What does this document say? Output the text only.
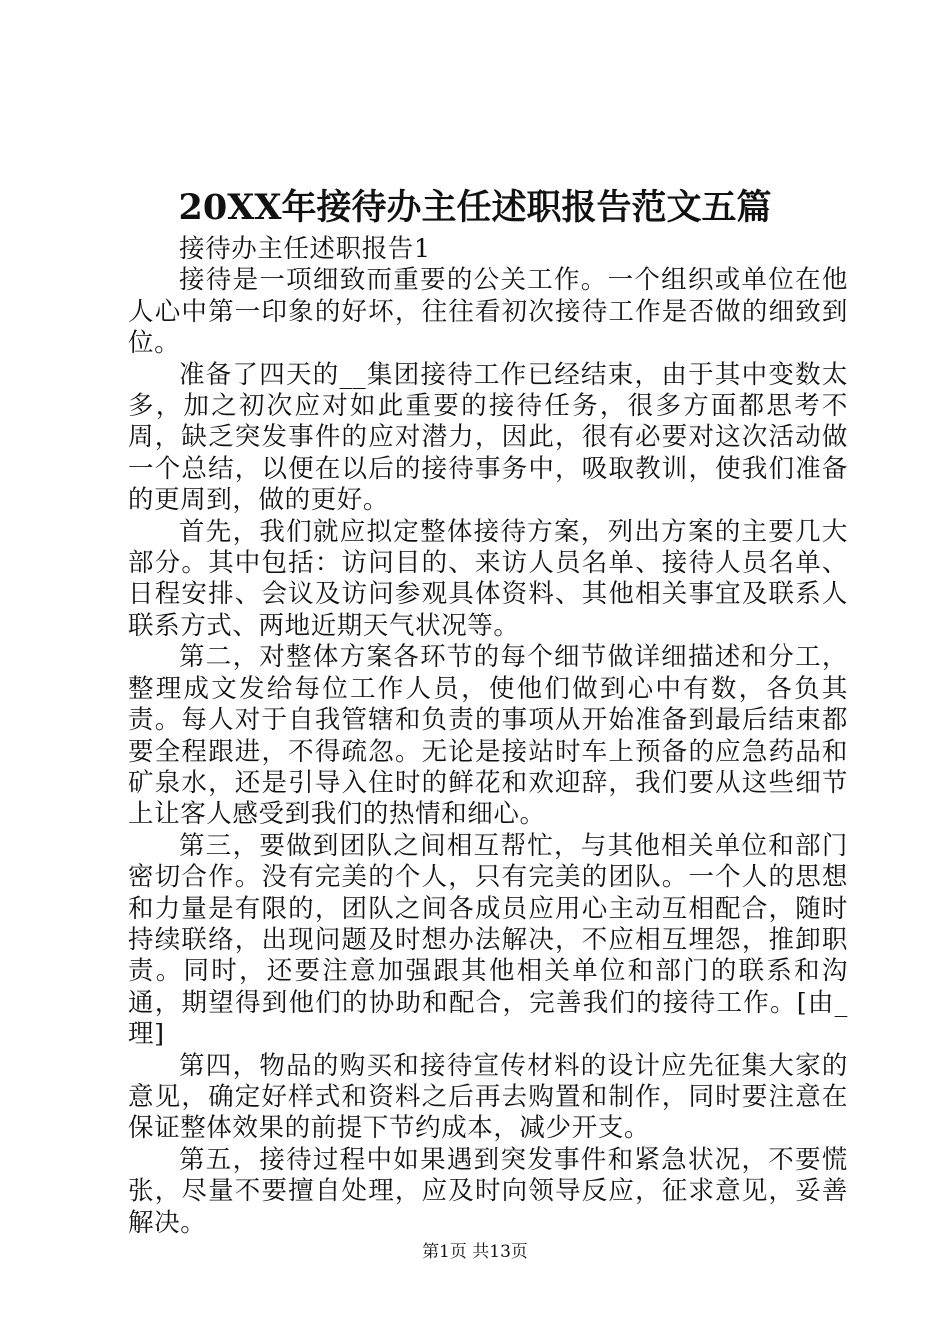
20XX年接待办主任述职报告范文五篇

接待办主任述职报告1

接待是一项细致而重要的公关工作。一个组织或单位在他人心中第一印象的好坏，往往看初次接待工作是否做的细致到位。

准备了四天的__集团接待工作已经结束，由于其中变数太多，加之初次应对如此重要的接待任务，很多方面都思考不周，缺乏突发事件的应对潜力，因此，很有必要对这次活动做一个总结，以便在以后的接待事务中，吸取教训，使我们准备的更周到，做的更好。

首先，我们就应拟定整体接待方案，列出方案的主要几大部分。其中包括：访问目的、来访人员名单、接待人员名单、日程安排、会议及访问参观具体资料、其他相关事宜及联系人联系方式、两地近期天气状况等。

第二，对整体方案各环节的每个细节做详细描述和分工，整理成文发给每位工作人员，使他们做到心中有数，各负其责。每人对于自我管辖和负责的事项从开始准备到最后结束都要全程跟进，不得疏忽。无论是接站时车上预备的应急药品和矿泉水，还是引导入住时的鲜花和欢迎辞，我们要从这些细节上让客人感受到我们的热情和细心。

第三，要做到团队之间相互帮忙，与其他相关单位和部门密切合作。没有完美的个人，只有完美的团队。一个人的思想和力量是有限的，团队之间各成员应用心主动互相配合，随时持续联络，出现问题及时想办法解决，不应相互埋怨，推卸职责。同时，还要注意加强跟其他相关单位和部门的联系和沟通，期望得到他们的协助和配合，完善我们的接待工作。[由_理]

第四，物品的购买和接待宣传材料的设计应先征集大家的意见，确定好样式和资料之后再去购置和制作，同时要注意在保证整体效果的前提下节约成本，减少开支。

第五，接待过程中如果遇到突发事件和紧急状况，不要慌张，尽量不要擅自处理，应及时向领导反应，征求意见，妥善解决。

第1页 共13页
